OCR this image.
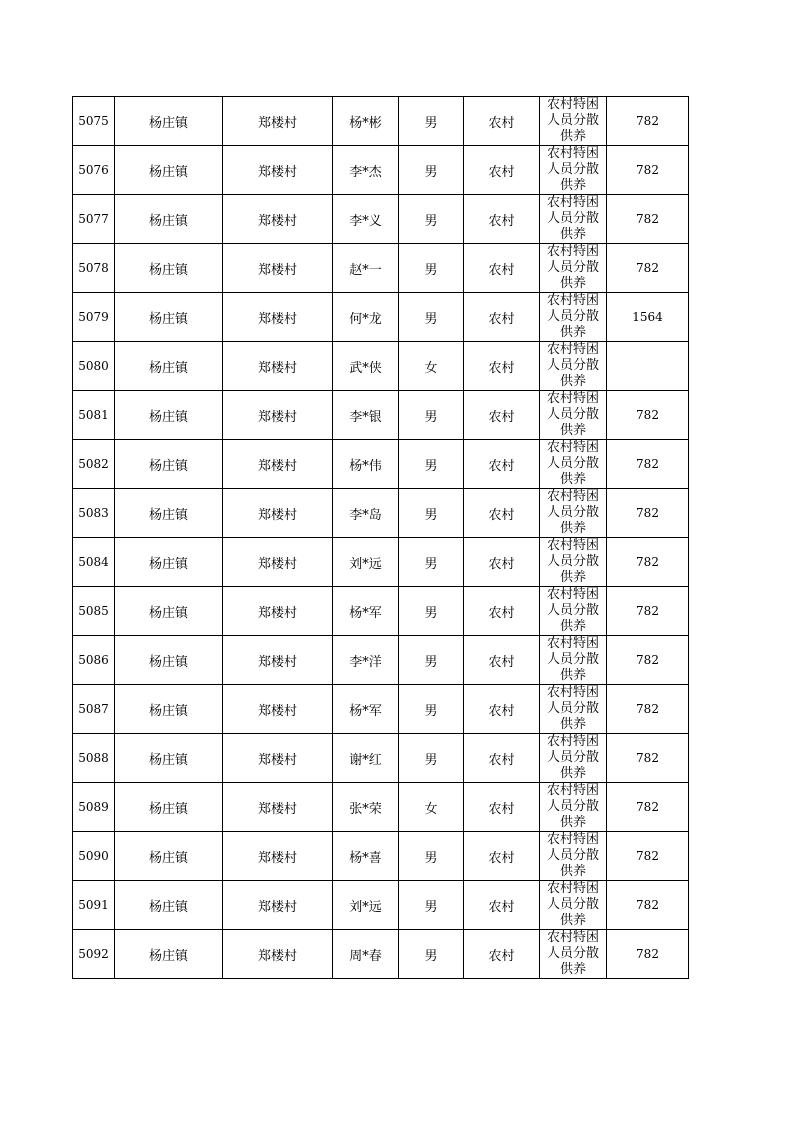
5075	杨庄镇	郑楼村	杨*彬	男	农村	农村特困人员分散供养	782
5076	杨庄镇	郑楼村	李*杰	男	农村	农村特困人员分散供养	782
5077	杨庄镇	郑楼村	李*义	男	农村	农村特困人员分散供养	782
5078	杨庄镇	郑楼村	赵*一	男	农村	农村特困人员分散供养	782
5079	杨庄镇	郑楼村	何*龙	男	农村	农村特困人员分散供养	1564
5080	杨庄镇	郑楼村	武*侠	女	农村	农村特困人员分散供养	

5081	杨庄镇	郑楼村	李*银	男	农村	农村特困人员分散供养	782
5082	杨庄镇	郑楼村	杨*伟	男	农村	农村特困人员分散供养	782
5083	杨庄镇	郑楼村	李*岛	男	农村	农村特困人员分散供养	782
5084	杨庄镇	郑楼村	刘*远	男	农村	农村特困人员分散供养	782
5085	杨庄镇	郑楼村	杨*军	男	农村	农村特困人员分散供养	782
5086	杨庄镇	郑楼村	李*洋	男	农村	农村特困人员分散供养	782
5087	杨庄镇	郑楼村	杨*军	男	农村	农村特困人员分散供养	782
5088	杨庄镇	郑楼村	谢*红	男	农村	农村特困人员分散供养	782
5089	杨庄镇	郑楼村	张*荣	女	农村	农村特困人员分散供养	782
5090	杨庄镇	郑楼村	杨*喜	男	农村	农村特困人员分散供养	782
5091	杨庄镇	郑楼村	刘*远	男	农村	农村特困人员分散供养	782
5092	杨庄镇	郑楼村	周*春	男	农村	农村特困人员分散供养	782
